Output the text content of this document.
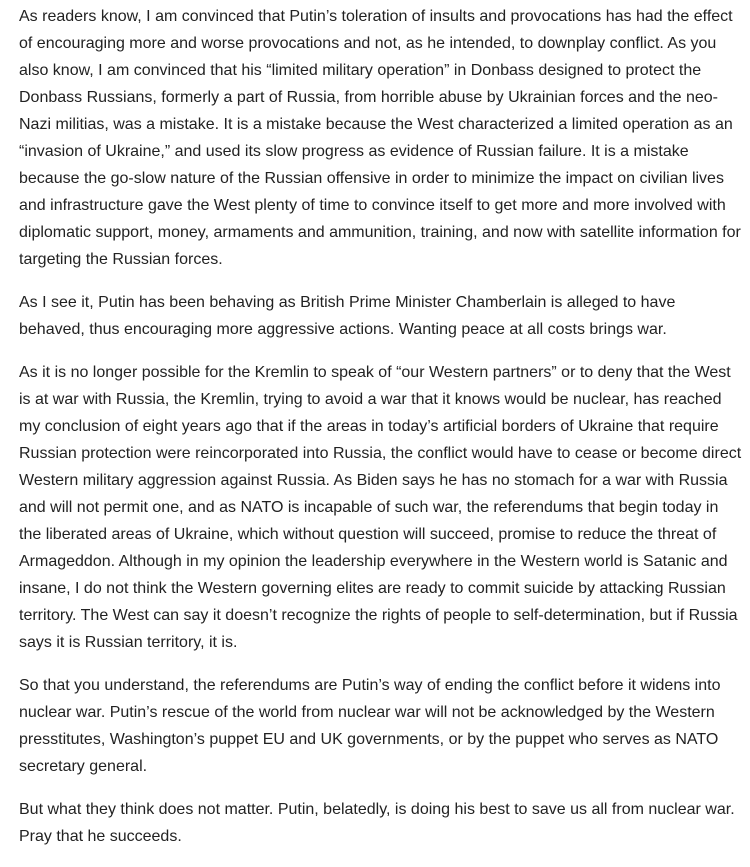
As readers know, I am convinced that Putin’s toleration of insults and provocations has had the effect of encouraging more and worse provocations and not, as he intended, to downplay conflict. As you also know, I am convinced that his “limited military operation” in Donbass designed to protect the Donbass Russians, formerly a part of Russia, from horrible abuse by Ukrainian forces and the neo-Nazi militias, was a mistake. It is a mistake because the West characterized a limited operation as an “invasion of Ukraine,” and used its slow progress as evidence of Russian failure. It is a mistake because the go-slow nature of the Russian offensive in order to minimize the impact on civilian lives and infrastructure gave the West plenty of time to convince itself to get more and more involved with diplomatic support, money, armaments and ammunition, training, and now with satellite information for targeting the Russian forces.

As I see it, Putin has been behaving as British Prime Minister Chamberlain is alleged to have behaved, thus encouraging more aggressive actions. Wanting peace at all costs brings war.

As it is no longer possible for the Kremlin to speak of “our Western partners” or to deny that the West is at war with Russia, the Kremlin, trying to avoid a war that it knows would be nuclear, has reached my conclusion of eight years ago that if the areas in today’s artificial borders of Ukraine that require Russian protection were reincorporated into Russia, the conflict would have to cease or become direct Western military aggression against Russia. As Biden says he has no stomach for a war with Russia and will not permit one, and as NATO is incapable of such war, the referendums that begin today in the liberated areas of Ukraine, which without question will succeed, promise to reduce the threat of Armageddon. Although in my opinion the leadership everywhere in the Western world is Satanic and insane, I do not think the Western governing elites are ready to commit suicide by attacking Russian territory. The West can say it doesn’t recognize the rights of people to self-determination, but if Russia says it is Russian territory, it is.

So that you understand, the referendums are Putin’s way of ending the conflict before it widens into nuclear war. Putin’s rescue of the world from nuclear war will not be acknowledged by the Western presstitutes, Washington’s puppet EU and UK governments, or by the puppet who serves as NATO secretary general.

But what they think does not matter. Putin, belatedly, is doing his best to save us all from nuclear war. Pray that he succeeds.
